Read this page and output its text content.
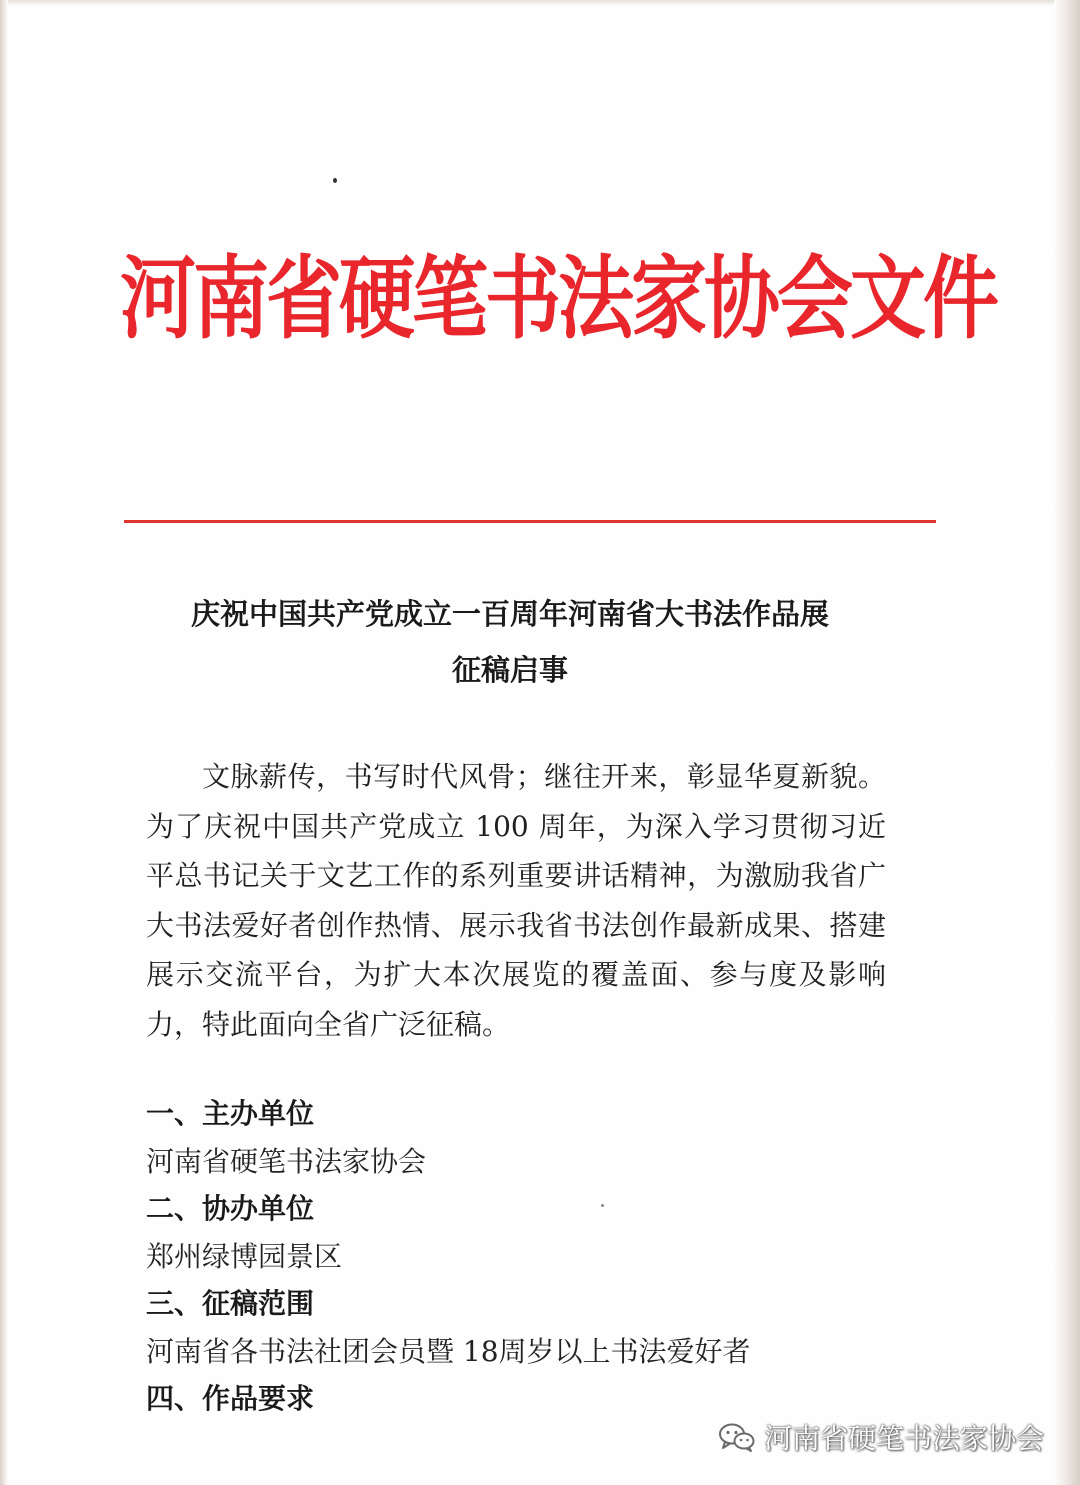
河南省硬笔书法家协会文件
庆祝中国共产党成立一百周年河南省大书法作品展
征稿启事

文脉薪传，书写时代风骨；继往开来，彰显华夏新貌。为了庆祝中国共产党成立 100 周年，为深入学习贯彻习近平总书记关于文艺工作的系列重要讲话精神，为激励我省广大书法爱好者创作热情、展示我省书法创作最新成果、搭建展示交流平台，为扩大本次展览的覆盖面、参与度及影响力，特此面向全省广泛征稿。

一、主办单位
河南省硬笔书法家协会
二、协办单位
郑州绿博园景区
三、征稿范围
河南省各书法社团会员暨 18周岁以上书法爱好者
四、作品要求
河南省硬笔书法家协会
